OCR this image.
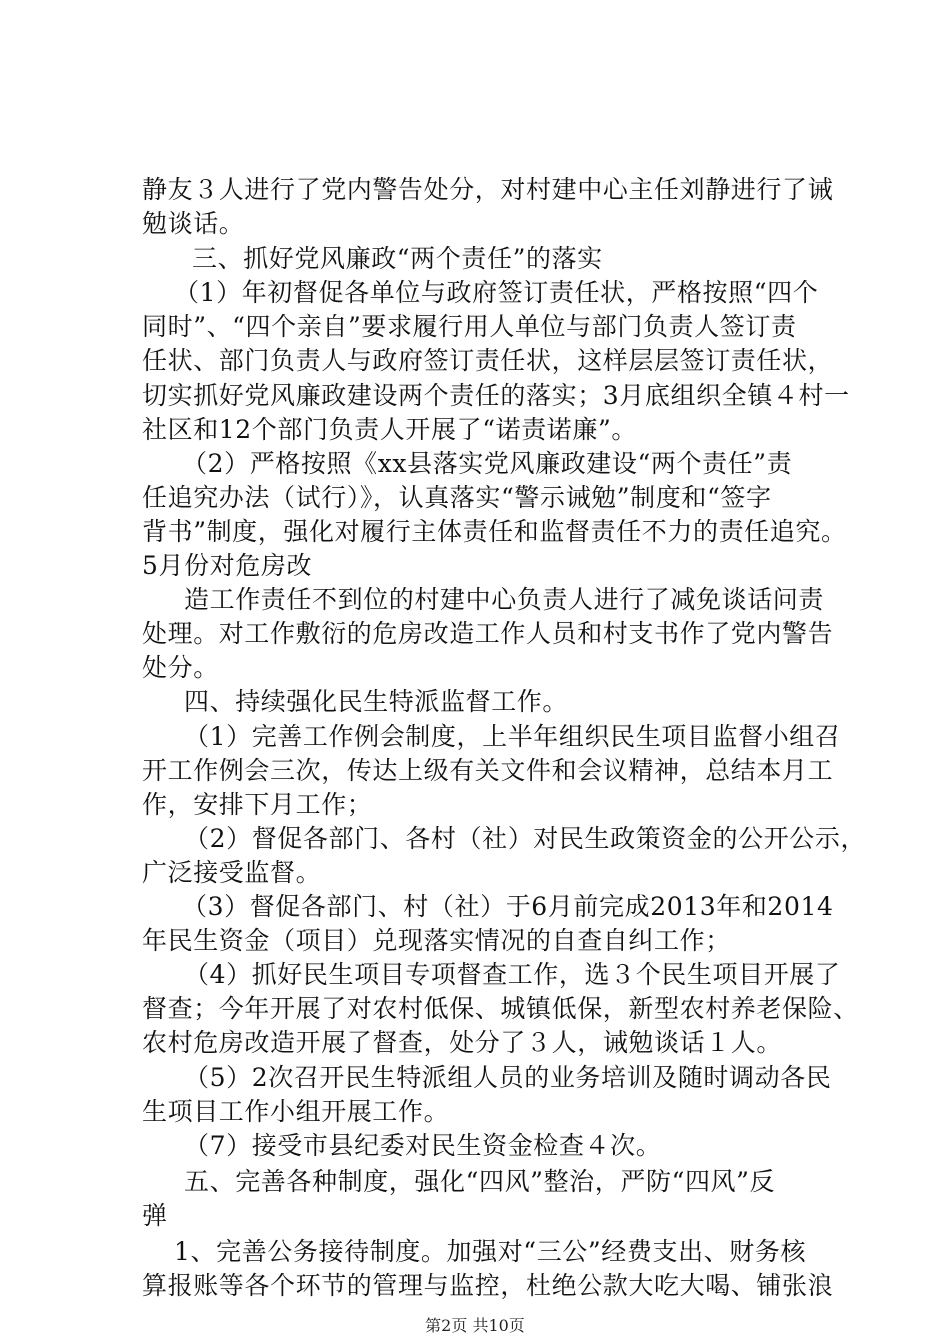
静友３人进行了党内警告处分，对村建中心主任刘静进行了诫
勉谈话。
三、抓好党风廉政“两个责任”的落实
（1）年初督促各单位与政府签订责任状，严格按照“四个
同时”、“四个亲自”要求履行用人单位与部门负责人签订责
任状、部门负责人与政府签订责任状，这样层层签订责任状，
切实抓好党风廉政建设两个责任的落实；3月底组织全镇４村一
社区和12个部门负责人开展了“诺责诺廉”。
（2）严格按照《xx县落实党风廉政建设“两个责任”责
任追究办法（试行）》，认真落实“警示诫勉”制度和“签字
背书”制度，强化对履行主体责任和监督责任不力的责任追究。
5月份对危房改
造工作责任不到位的村建中心负责人进行了减免谈话问责
处理。对工作敷衍的危房改造工作人员和村支书作了党内警告
处分。
四、持续强化民生特派监督工作。
（1）完善工作例会制度，上半年组织民生项目监督小组召
开工作例会三次，传达上级有关文件和会议精神，总结本月工
作，安排下月工作；
（2）督促各部门、各村（社）对民生政策资金的公开公示，
广泛接受监督。
（3）督促各部门、村（社）于6月前完成2013年和2014
年民生资金（项目）兑现落实情况的自查自纠工作；
（4）抓好民生项目专项督查工作，选３个民生项目开展了
督查；今年开展了对农村低保、城镇低保，新型农村养老保险、
农村危房改造开展了督查，处分了３人，诫勉谈话１人。
（5）2次召开民生特派组人员的业务培训及随时调动各民
生项目工作小组开展工作。
（7）接受市县纪委对民生资金检查４次。
五、完善各种制度，强化“四风”整治，严防“四风”反
弹
1、完善公务接待制度。加强对“三公”经费支出、财务核
算报账等各个环节的管理与监控，杜绝公款大吃大喝、铺张浪
第2页 共10页
